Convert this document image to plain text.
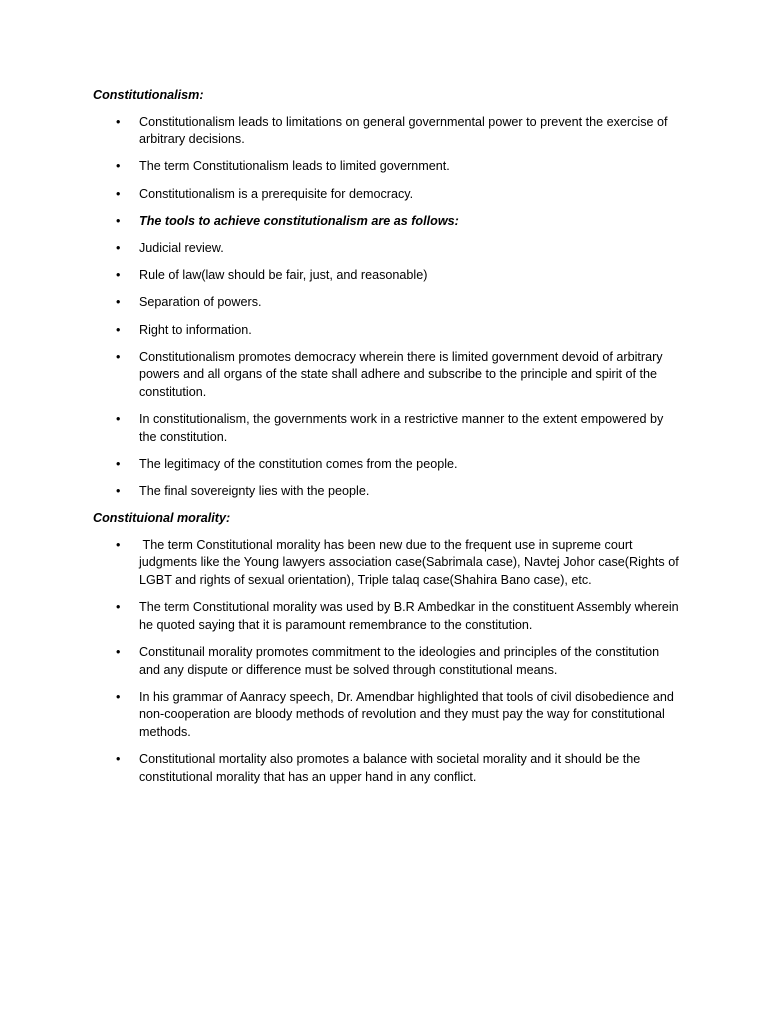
Constitutionalism:

• Constitutionalism leads to limitations on general governmental power to prevent the exercise of arbitrary decisions.
• The term Constitutionalism leads to limited government.
• Constitutionalism is a prerequisite for democracy.
• The tools to achieve constitutionalism are as follows:
• Judicial review.
• Rule of law(law should be fair, just, and reasonable)
• Separation of powers.
• Right to information.
• Constitutionalism promotes democracy wherein there is limited government devoid of arbitrary powers and all organs of the state shall adhere and subscribe to the principle and spirit of the constitution.
• In constitutionalism, the governments work in a restrictive manner to the extent empowered by the constitution.
• The legitimacy of the constitution comes from the people.
• The final sovereignty lies with the people.

Constituional morality:

• The term Constitutional morality has been new due to the frequent use in supreme court judgments like the Young lawyers association case(Sabrimala case), Navtej Johor case(Rights of LGBT and rights of sexual orientation), Triple talaq case(Shahira Bano case), etc.
• The term Constitutional morality was used by B.R Ambedkar in the constituent Assembly wherein he quoted saying that it is paramount remembrance to the constitution.
• Constitunail morality promotes commitment to the ideologies and principles of the constitution and any dispute or difference must be solved through constitutional means.
• In his grammar of Aanracy speech, Dr. Amendbar highlighted that tools of civil disobedience and non-cooperation are bloody methods of revolution and they must pay the way for constitutional methods.
• Constitutional mortality also promotes a balance with societal morality and it should be the constitutional morality that has an upper hand in any conflict.
